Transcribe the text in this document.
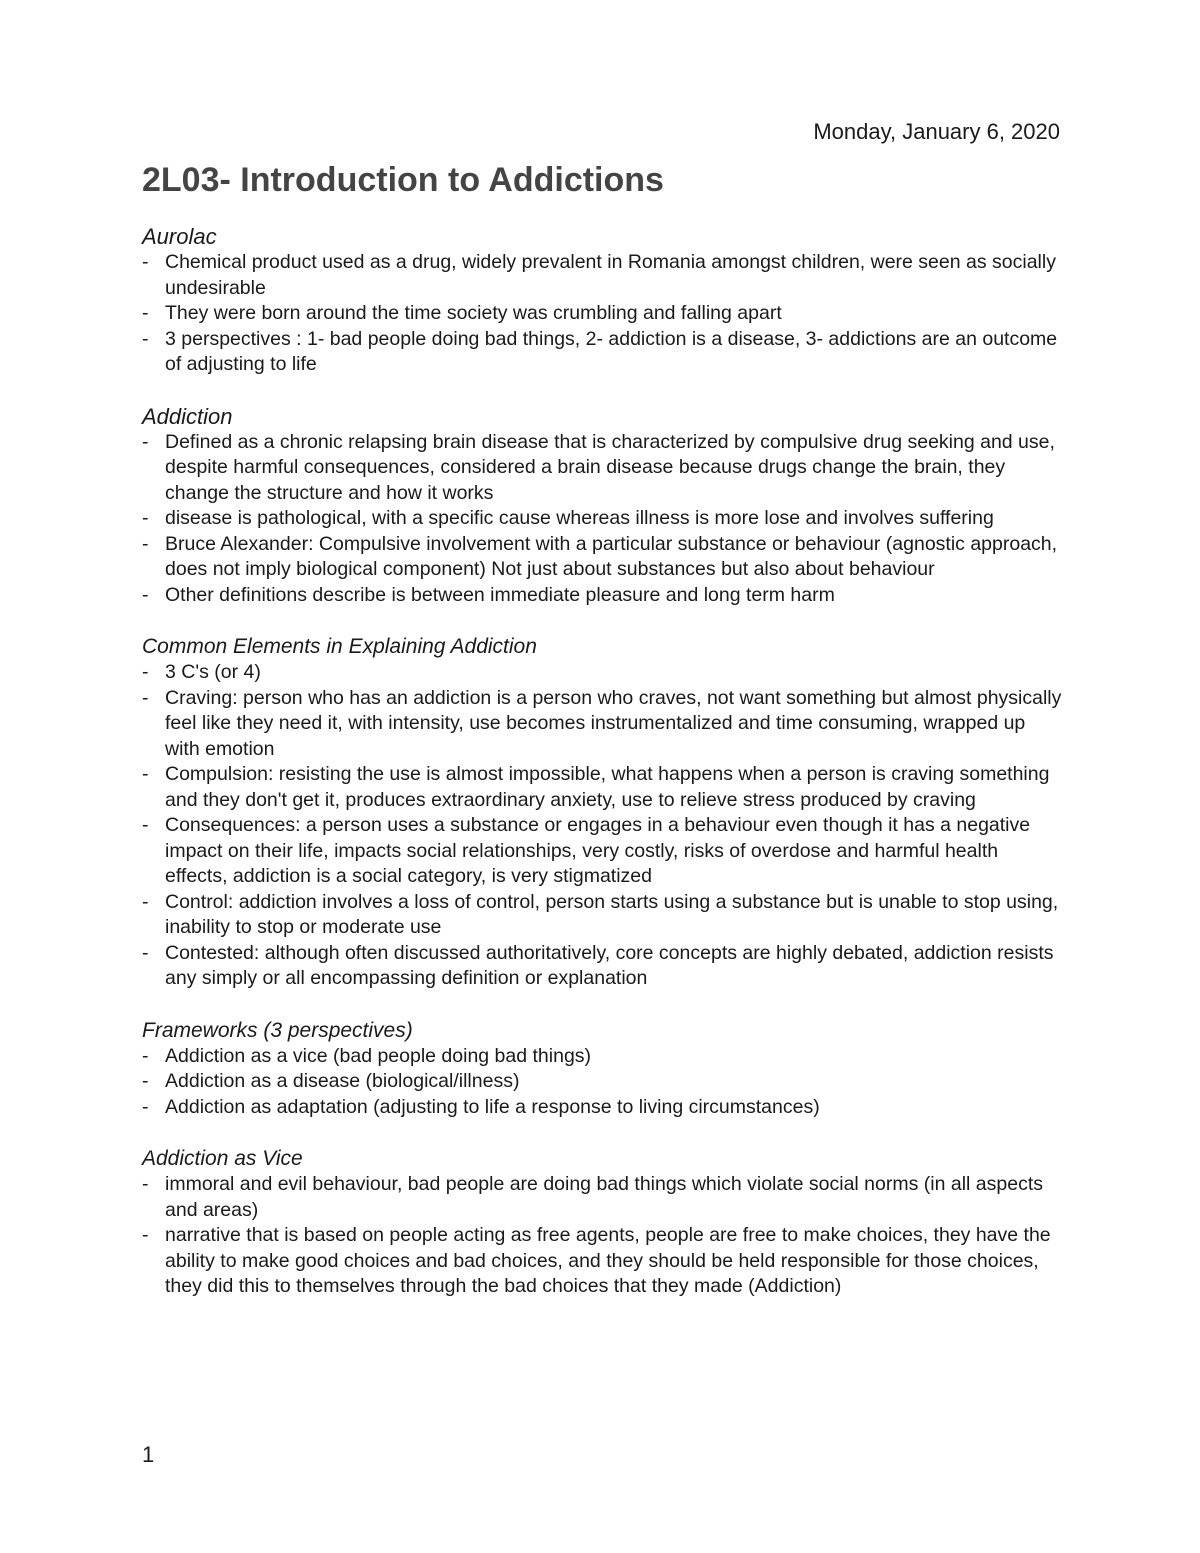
Monday, January 6, 2020
2L03- Introduction to Addictions
Aurolac
- Chemical product used as a drug, widely prevalent in Romania amongst children, were seen as socially undesirable
- They were born around the time society was crumbling and falling apart
- 3 perspectives : 1- bad people doing bad things, 2- addiction is a disease, 3- addictions are an outcome of adjusting to life
Addiction
- Defined as a chronic relapsing brain disease that is characterized by compulsive drug seeking and use, despite harmful consequences, considered a brain disease because drugs change the brain, they change the structure and how it works
- disease is pathological, with a specific cause whereas illness is more lose and involves suffering
- Bruce Alexander: Compulsive involvement with a particular substance or behaviour (agnostic approach, does not imply biological component) Not just about substances but also about behaviour
- Other definitions describe is between immediate pleasure and long term harm
Common Elements in Explaining Addiction
- 3 C's (or 4)
- Craving: person who has an addiction is a person who craves, not want something but almost physically feel like they need it, with intensity, use becomes instrumentalized and time consuming, wrapped up with emotion
- Compulsion: resisting the use is almost impossible, what happens when a person is craving something and they don't get it, produces extraordinary anxiety, use to relieve stress produced by craving
- Consequences: a person uses a substance or engages in a behaviour even though it has a negative impact on their life, impacts social relationships, very costly, risks of overdose and harmful health effects, addiction is a social category, is very stigmatized
- Control: addiction involves a loss of control, person starts using a substance but is unable to stop using, inability to stop or moderate use
- Contested: although often discussed authoritatively, core concepts are highly debated, addiction resists any simply or all encompassing definition or explanation
Frameworks (3 perspectives)
- Addiction as a vice (bad people doing bad things)
- Addiction as a disease (biological/illness)
- Addiction as adaptation (adjusting to life a response to living circumstances)
Addiction as Vice
- immoral and evil behaviour, bad people are doing bad things which violate social norms (in all aspects and areas)
- narrative that is based on people acting as free agents, people are free to make choices, they have the ability to make good choices and bad choices, and they should be held responsible for those choices, they did this to themselves through the bad choices that they made (Addiction)
1
